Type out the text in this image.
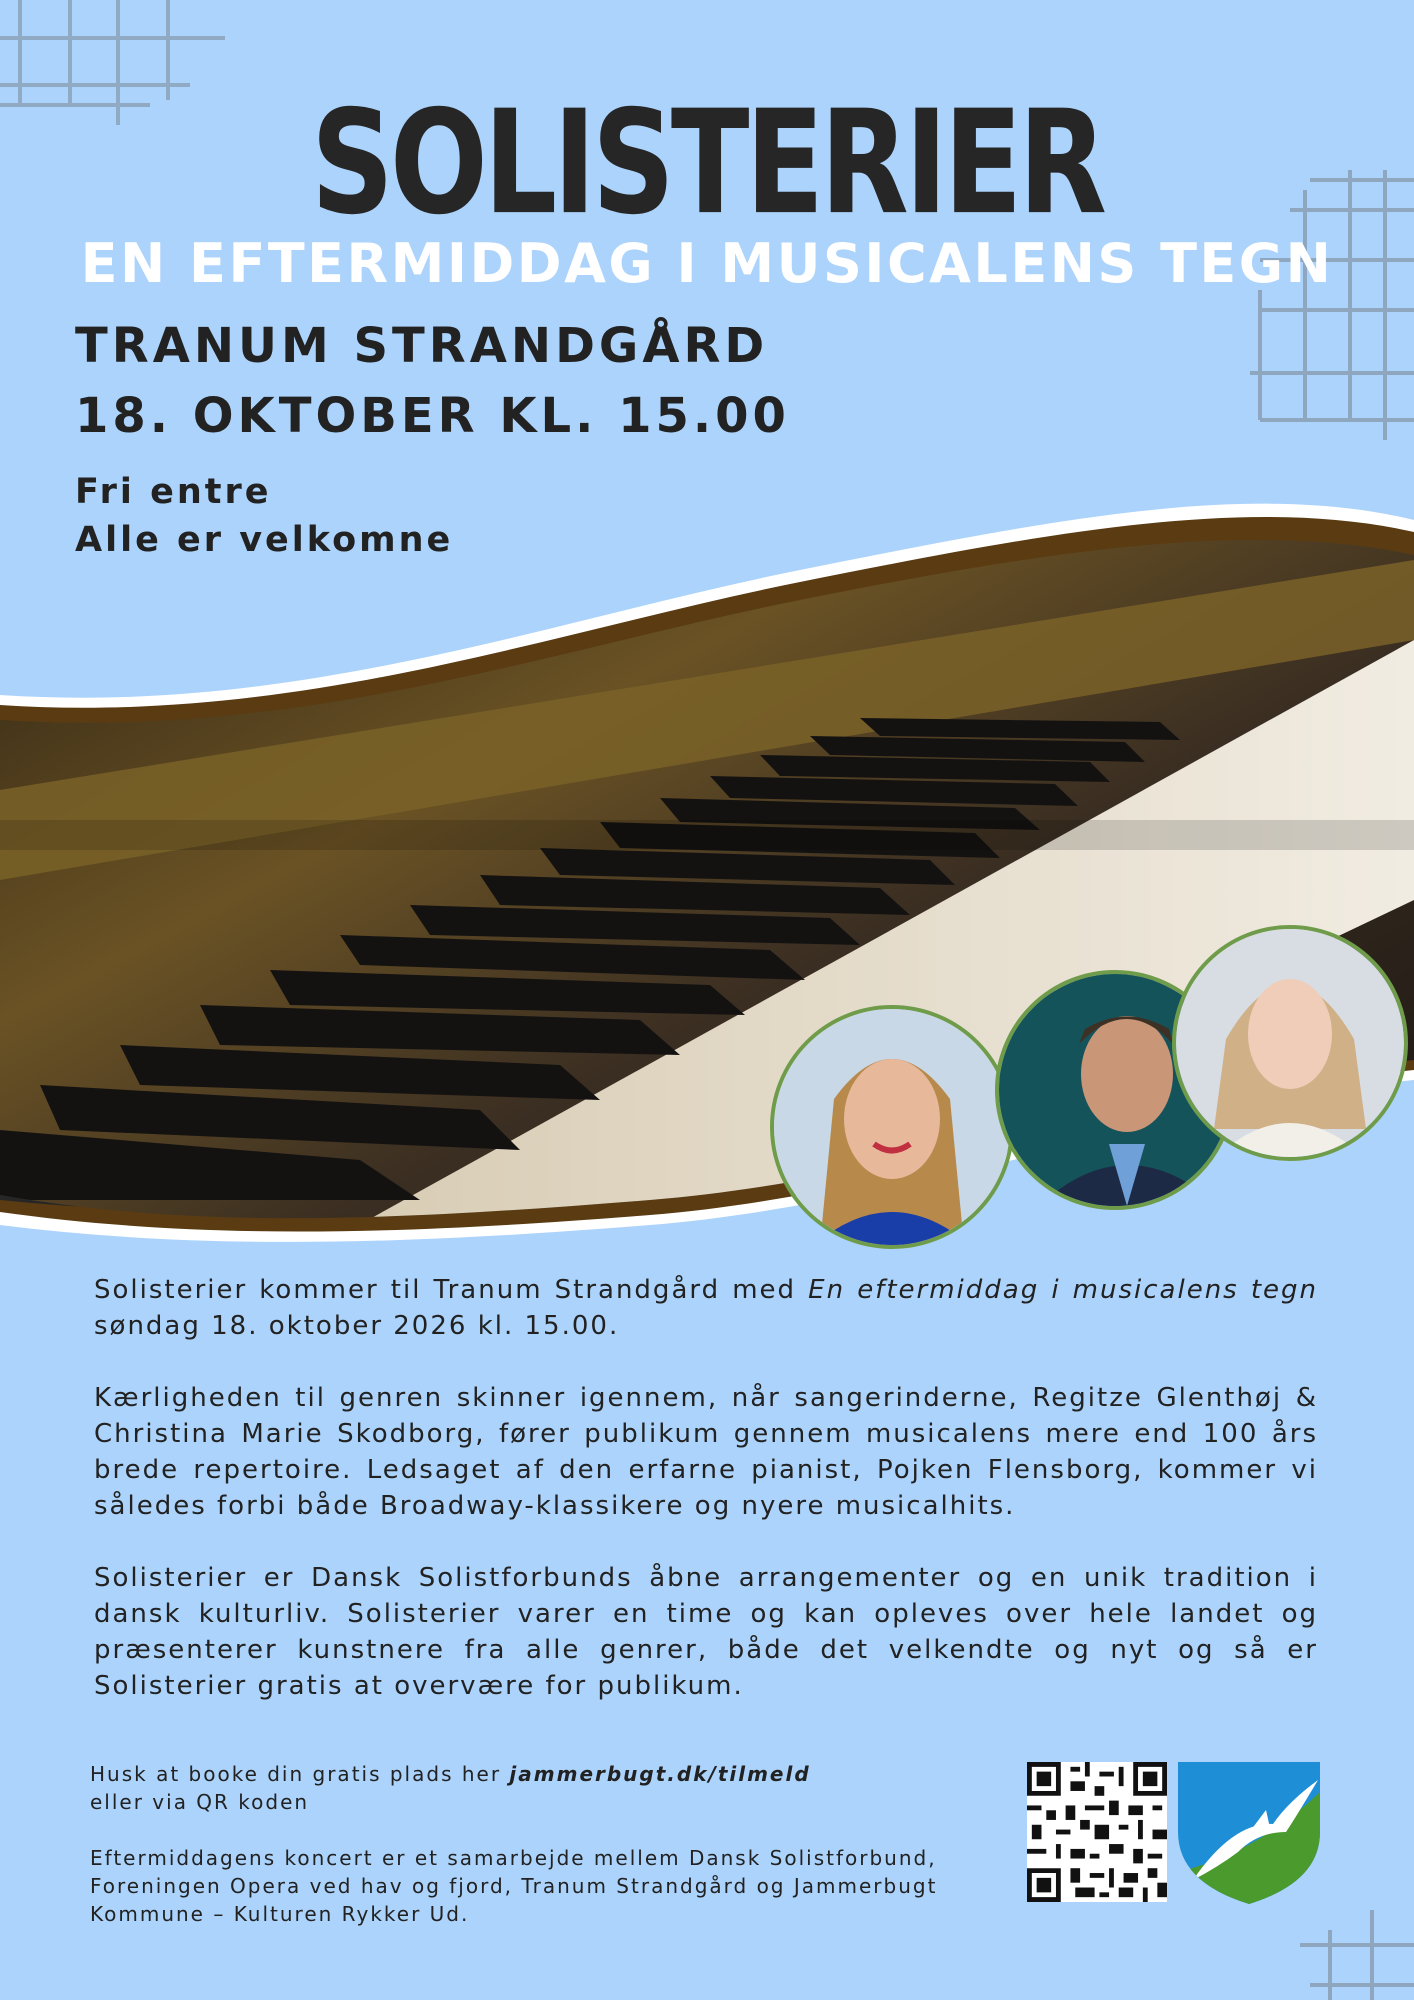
SOLISTERIER
EN EFTERMIDDAG I MUSICALENS TEGN
TRANUM STRANDGÅRD
18. OKTOBER KL. 15.00
Fri entre
Alle er velkomne

Solisterier kommer til Tranum Strandgård med En eftermiddag i musicalens tegn søndag 18. oktober 2026 kl. 15.00.

Kærligheden til genren skinner igennem, når sangerinderne, Regitze Glenthøj & Christina Marie Skodborg, fører publikum gennem musicalens mere end 100 års brede repertoire. Ledsaget af den erfarne pianist, Pojken Flensborg, kommer vi således forbi både Broadway-klassikere og nyere musicalhits.

Solisterier er Dansk Solistforbunds åbne arrangementer og en unik tradition i dansk kulturliv. Solisterier varer en time og kan opleves over hele landet og præsenterer kunstnere fra alle genrer, både det velkendte og nyt og så er Solisterier gratis at overvære for publikum.

Husk at booke din gratis plads her jammerbugt.dk/tilmeld
eller via QR koden

Eftermiddagens koncert er et samarbejde mellem Dansk Solistforbund, Foreningen Opera ved hav og fjord, Tranum Strandgård og Jammerbugt Kommune – Kulturen Rykker Ud.
